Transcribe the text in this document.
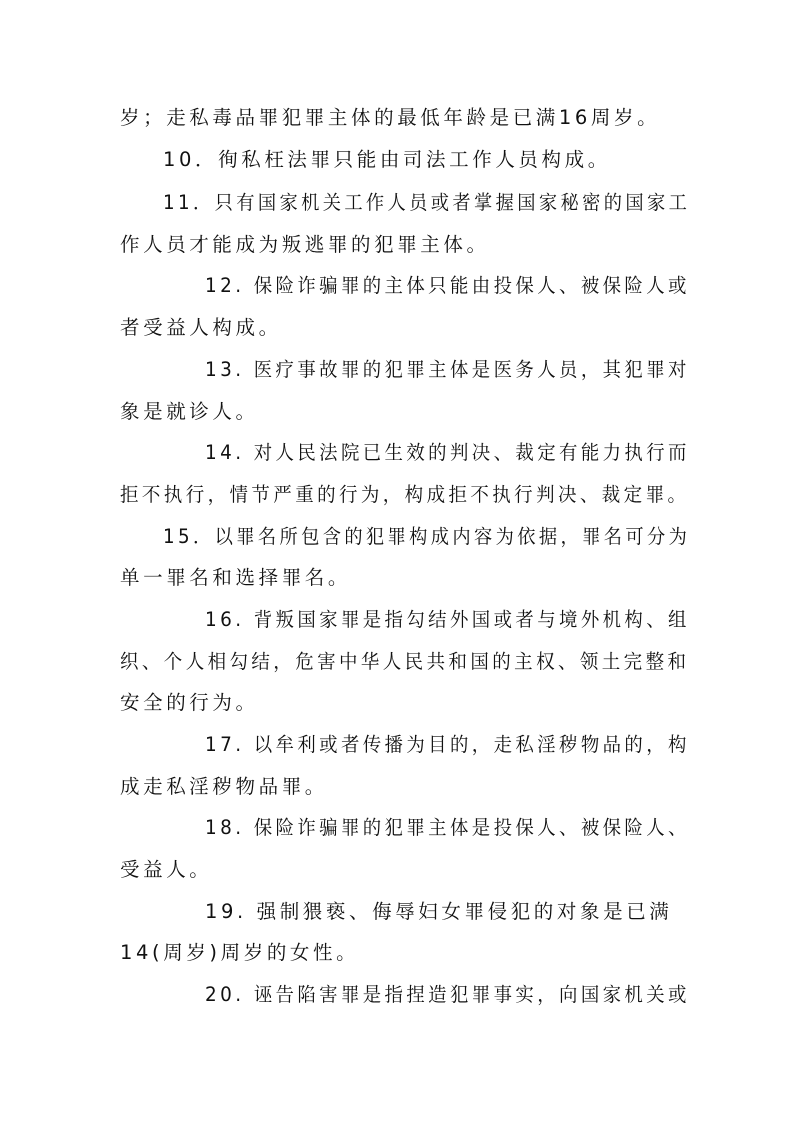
岁；走私毒品罪犯罪主体的最低年龄是已满16周岁。
10．徇私枉法罪只能由司法工作人员构成。
11．只有国家机关工作人员或者掌握国家秘密的国家工
作人员才能成为叛逃罪的犯罪主体。
12. 保险诈骗罪的主体只能由投保人、被保险人或
者受益人构成。
13. 医疗事故罪的犯罪主体是医务人员，其犯罪对
象是就诊人。
14. 对人民法院已生效的判决、裁定有能力执行而
拒不执行，情节严重的行为，构成拒不执行判决、裁定罪。
15．以罪名所包含的犯罪构成内容为依据，罪名可分为
单一罪名和选择罪名。
16. 背叛国家罪是指勾结外国或者与境外机构、组
织、个人相勾结，危害中华人民共和国的主权、领土完整和
安全的行为。
17. 以牟利或者传播为目的，走私淫秽物品的，构
成走私淫秽物品罪。
18. 保险诈骗罪的犯罪主体是投保人、被保险人、
受益人。
19. 强制猥亵、侮辱妇女罪侵犯的对象是已满
14(周岁)周岁的女性。
20. 诬告陷害罪是指捏造犯罪事实，向国家机关或
